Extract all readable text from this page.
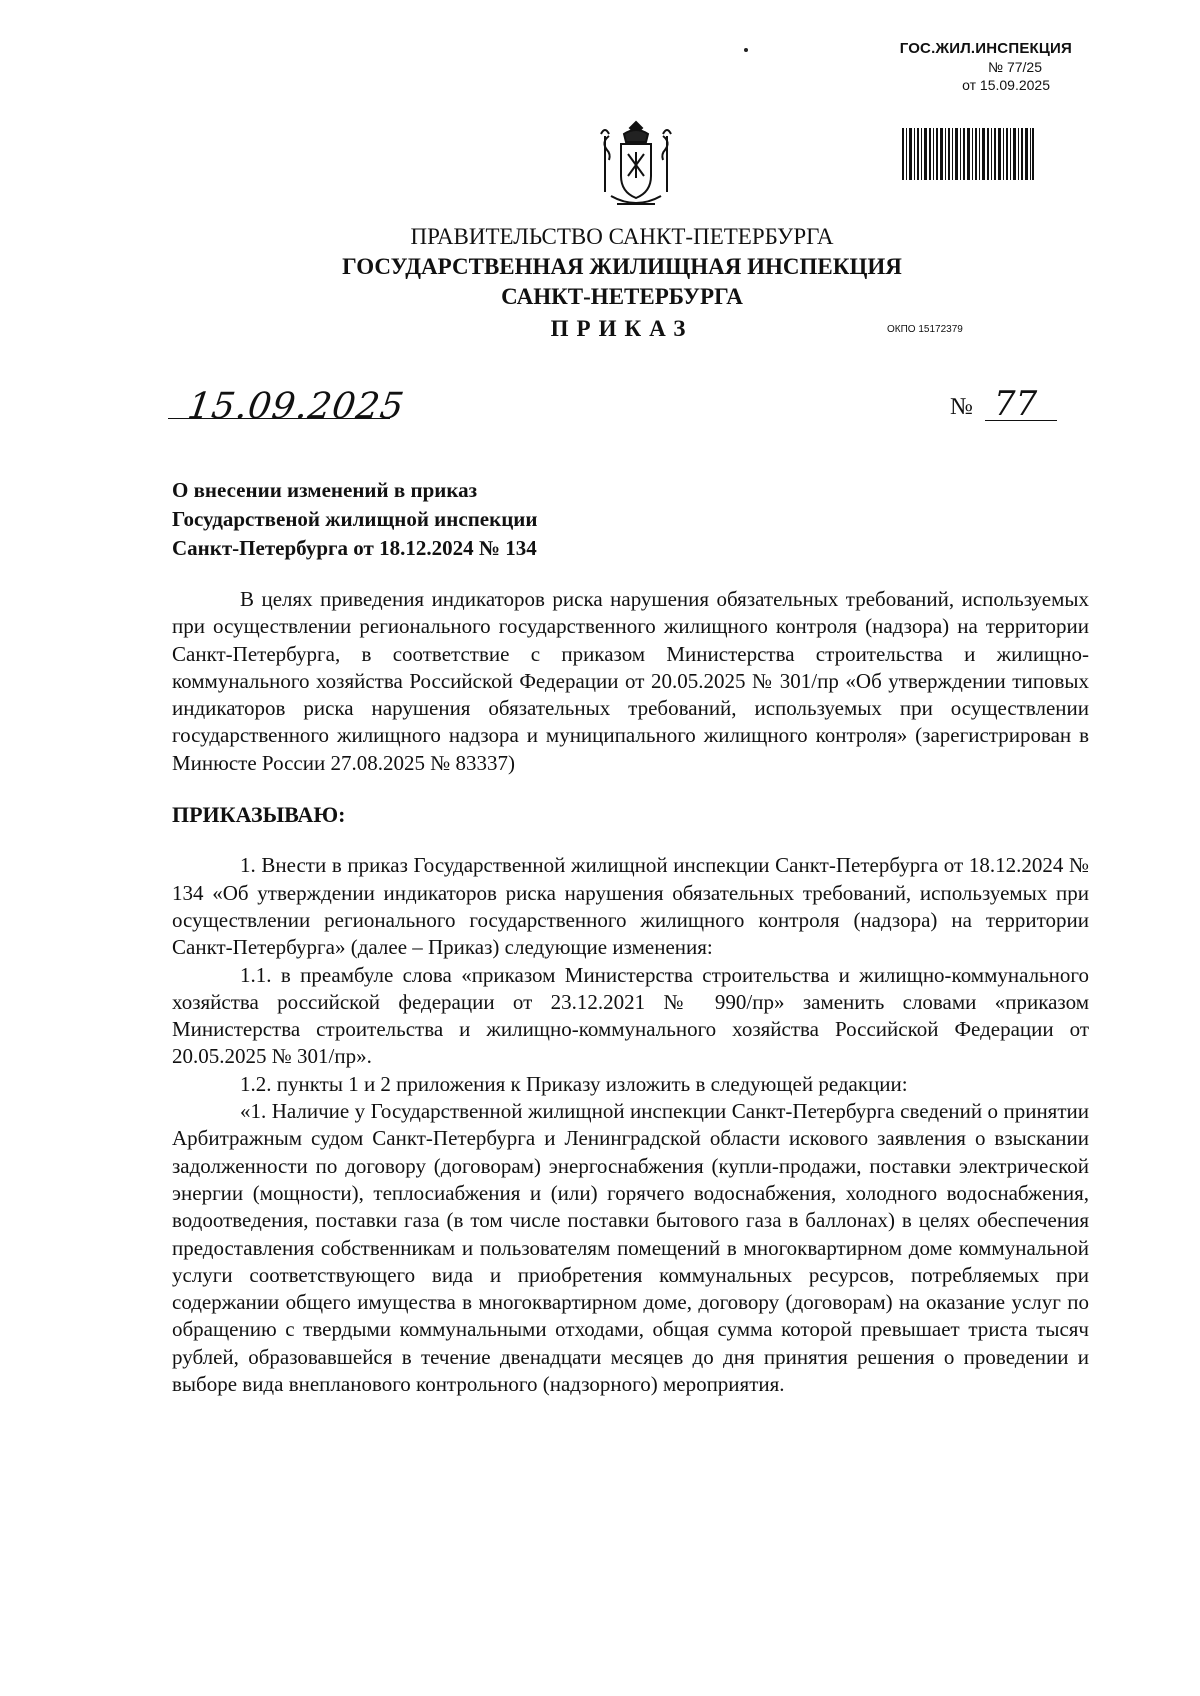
ГОС.ЖИЛ.ИНСПЕКЦИЯ
№ 77/25
от 15.09.2025
ПРАВИТЕЛЬСТВО САНКТ-ПЕТЕРБУРГА
ГОСУДАРСТВЕННАЯ ЖИЛИЩНАЯ ИНСПЕКЦИЯ
САНКТ-НЕТЕРБУРГА
ПРИКАЗ	ОКПО 15172379
15.09.2025	№ 77
О внесении изменений в приказ
Государственой жилищной инспекции
Санкт-Петербурга от 18.12.2024 № 134

В целях приведения индикаторов риска нарушения обязательных требований, используемых при осуществлении регионального государственного жилищного контроля (надзора) на территории Санкт-Петербурга, в соответствие с приказом Министерства строительства и жилищно-коммунального хозяйства Российской Федерации от 20.05.2025 № 301/пр «Об утверждении типовых индикаторов риска нарушения обязательных требований, используемых при осуществлении государственного жилищного надзора и муниципального жилищного контроля» (зарегистрирован в Минюсте России 27.08.2025 № 83337)

ПРИКАЗЫВАЮ:

1. Внести в приказ Государственной жилищной инспекции Санкт-Петербурга от 18.12.2024 № 134 «Об утверждении индикаторов риска нарушения обязательных требований, используемых при осуществлении регионального государственного жилищного контроля (надзора) на территории Санкт-Петербурга» (далее – Приказ) следующие изменения:

1.1. в преамбуле слова «приказом Министерства строительства и жилищно-коммунального хозяйства российской федерации от 23.12.2021 № 990/пр» заменить словами «приказом Министерства строительства и жилищно-коммунального хозяйства Российской Федерации от 20.05.2025 № 301/пр».

1.2. пункты 1 и 2 приложения к Приказу изложить в следующей редакции:

«1. Наличие у Государственной жилищной инспекции Санкт-Петербурга сведений о принятии Арбитражным судом Санкт-Петербурга и Ленинградской области искового заявления о взыскании задолженности по договору (договорам) энергоснабжения (купли-продажи, поставки электрической энергии (мощности), теплосиабжения и (или) горячего водоснабжения, холодного водоснабжения, водоотведения, поставки газа (в том числе поставки бытового газа в баллонах) в целях обеспечения предоставления собственникам и пользователям помещений в многоквартирном доме коммунальной услуги соответствующего вида и приобретения коммунальных ресурсов, потребляемых при содержании общего имущества в многоквартирном доме, договору (договорам) на оказание услуг по обращению с твердыми коммунальными отходами, общая сумма которой превышает триста тысяч рублей, образовавшейся в течение двенадцати месяцев до дня принятия решения о проведении и выборе вида внепланового контрольного (надзорного) мероприятия.
